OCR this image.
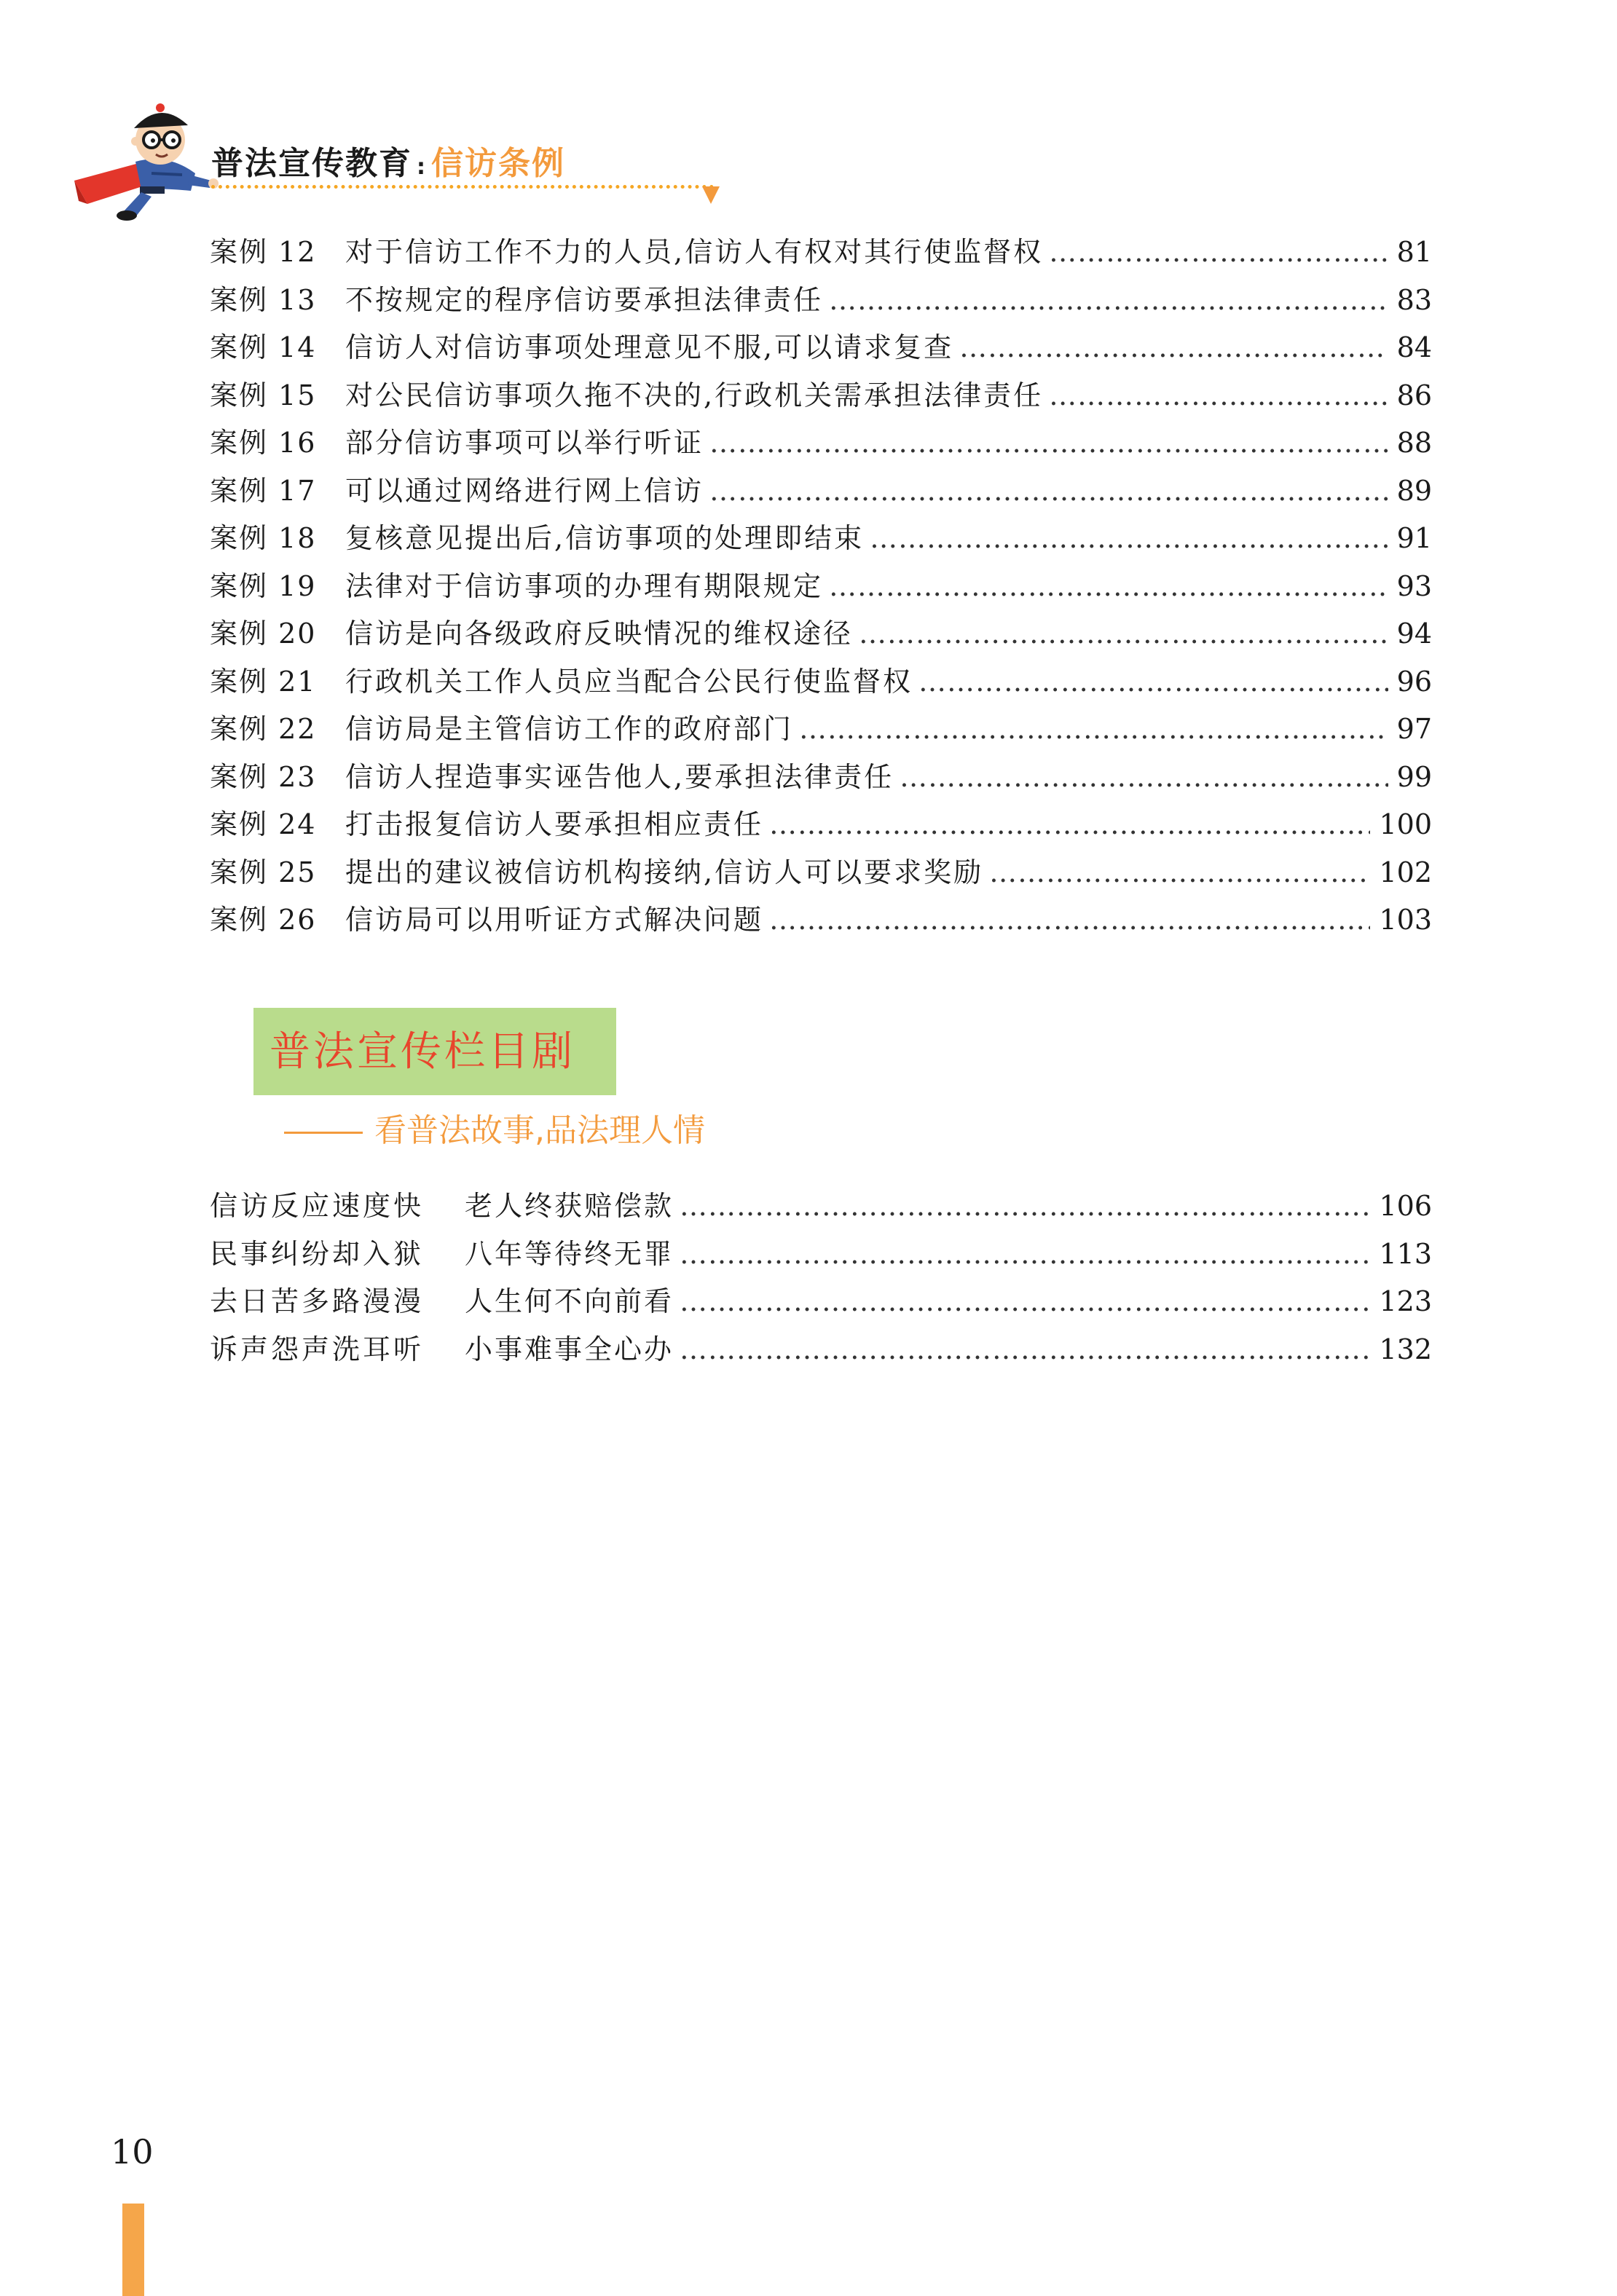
普法宣传教育 : 信访条例
案例 12	对于信访工作不力的人员,信访人有权对其行使监督权 …………………………………………………………………………………………………………………………………………	81
案例 13	不按规定的程序信访要承担法律责任 …………………………………………………………………………………………………………………………………………	83
案例 14	信访人对信访事项处理意见不服,可以请求复查 …………………………………………………………………………………………………………………………………………	84
案例 15	对公民信访事项久拖不决的,行政机关需承担法律责任 …………………………………………………………………………………………………………………………………………	86
案例 16	部分信访事项可以举行听证 …………………………………………………………………………………………………………………………………………	88
案例 17	可以通过网络进行网上信访 …………………………………………………………………………………………………………………………………………	89
案例 18	复核意见提出后,信访事项的处理即结束 …………………………………………………………………………………………………………………………………………	91
案例 19	法律对于信访事项的办理有期限规定 …………………………………………………………………………………………………………………………………………	93
案例 20	信访是向各级政府反映情况的维权途径 …………………………………………………………………………………………………………………………………………	94
案例 21	行政机关工作人员应当配合公民行使监督权 …………………………………………………………………………………………………………………………………………	96
案例 22	信访局是主管信访工作的政府部门 …………………………………………………………………………………………………………………………………………	97
案例 23	信访人捏造事实诬告他人,要承担法律责任 …………………………………………………………………………………………………………………………………………	99
案例 24	打击报复信访人要承担相应责任 …………………………………………………………………………………………………………………………………………	100
案例 25	提出的建议被信访机构接纳,信访人可以要求奖励 …………………………………………………………………………………………………………………………………………	102
案例 26	信访局可以用听证方式解决问题 …………………………………………………………………………………………………………………………………………	103
普法宣传栏目剧
看普法故事,品法理人情
信访反应速度快	老人终获赔偿款 …………………………………………………………………………………………………………………………………………	106
民事纠纷却入狱	八年等待终无罪 …………………………………………………………………………………………………………………………………………	113
去日苦多路漫漫	人生何不向前看 …………………………………………………………………………………………………………………………………………	123
诉声怨声洗耳听	小事难事全心办 …………………………………………………………………………………………………………………………………………	132
10
